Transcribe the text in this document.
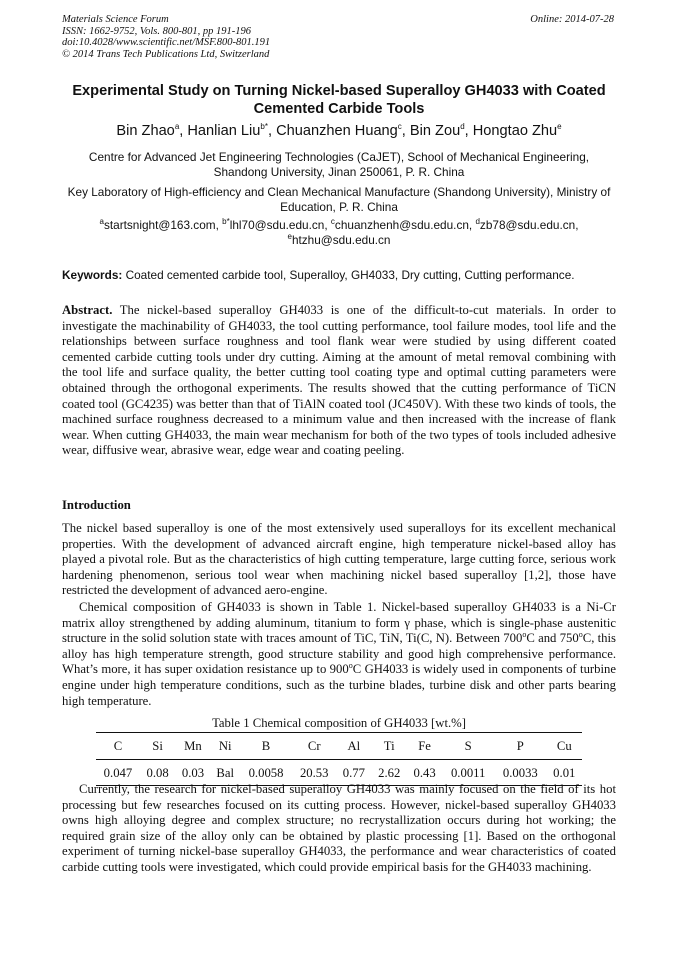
Materials Science Forum
ISSN: 1662-9752, Vols. 800-801, pp 191-196
doi:10.4028/www.scientific.net/MSF.800-801.191
© 2014 Trans Tech Publications Ltd, Switzerland
Online: 2014-07-28
Experimental Study on Turning Nickel-based Superalloy GH4033 with Coated Cemented Carbide Tools
Bin Zhao$^a$, Hanlian Liu$^{b*}$, Chuanzhen Huang$^c$, Bin Zou$^d$, Hongtao Zhu$^e$
Centre for Advanced Jet Engineering Technologies (CaJET), School of Mechanical Engineering, Shandong University, Jinan 250061, P. R. China
Key Laboratory of High-efficiency and Clean Mechanical Manufacture (Shandong University), Ministry of Education, P. R. China
$^a$startsnight@163.com, $^{b*}$lhl70@sdu.edu.cn, $^c$chuanzhenh@sdu.edu.cn, $^d$zb78@sdu.edu.cn, $^e$htzhu@sdu.edu.cn
Keywords: Coated cemented carbide tool, Superalloy, GH4033, Dry cutting, Cutting performance.
Abstract. The nickel-based superalloy GH4033 is one of the difficult-to-cut materials. In order to investigate the machinability of GH4033, the tool cutting performance, tool failure modes, tool life and the relationships between surface roughness and tool flank wear were studied by using different coated cemented carbide cutting tools under dry cutting. Aiming at the amount of metal removal combining with the tool life and surface quality, the better cutting tool coating type and optimal cutting parameters were obtained through the orthogonal experiments. The results showed that the cutting performance of TiCN coated tool (GC4235) was better than that of TiAlN coated tool (JC450V). With these two kinds of tools, the machined surface roughness decreased to a minimum value and then increased with the increase of flank wear. When cutting GH4033, the main wear mechanism for both of the two types of tools included adhesive wear, diffusive wear, abrasive wear, edge wear and coating peeling.
Introduction
The nickel based superalloy is one of the most extensively used superalloys for its excellent mechanical properties. With the development of advanced aircraft engine, high temperature nickel-based alloy has played a pivotal role. But as the characteristics of high cutting temperature, large cutting force, serious work hardening phenomenon, serious tool wear when machining nickel based superalloy [1,2], those have restricted the development of advanced aero-engine.
Chemical composition of GH4033 is shown in Table 1. Nickel-based superalloy GH4033 is a Ni-Cr matrix alloy strengthened by adding aluminum, titanium to form γ phase, which is single-phase austenitic structure in the solid solution state with traces amount of TiC, TiN, Ti(C, N). Between 700$^o$C and 750$^o$C, this alloy has high temperature strength, good structure stability and good high comprehensive performance. What’s more, it has super oxidation resistance up to 900$^o$C GH4033 is widely used in components of turbine engine under high temperature conditions, such as the turbine blades, turbine disk and other parts bearing high temperature.
Table 1 Chemical composition of GH4033 [wt.%]
C	Si	Mn	Ni	B	Cr	Al	Ti	Fe	S	P	Cu
0.047	0.08	0.03	Bal	0.0058	20.53	0.77	2.62	0.43	0.0011	0.0033	0.01
Currently, the research for nickel-based superalloy GH4033 was mainly focused on the field of its hot processing but few researches focused on its cutting process. However, nickel-based superalloy GH4033 owns high alloying degree and complex structure; no recrystallization occurs during hot working; the required grain size of the alloy only can be obtained by plastic processing [1]. Based on the orthogonal experiment of turning nickel-base superalloy GH4033, the performance and wear characteristics of coated carbide cutting tools were investigated, which could provide empirical basis for the GH4033 machining.
